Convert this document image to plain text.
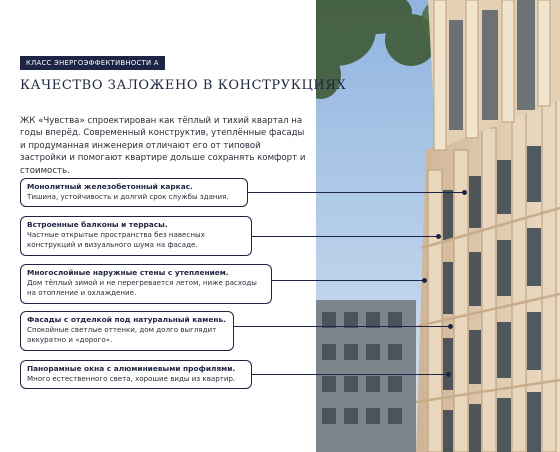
КЛАСС ЭНЕРГОЭФФЕКТИВНОСТИ А
КАЧЕСТВО ЗАЛОЖЕНО В КОНСТРУКЦИЯХ
ЖК «Чувства» спроектирован как тёплый и тихий квартал на годы вперёд. Современный конструктив, утеплённые фасады и продуманная инженерия отличают его от типовой застройки и помогают квартире дольше сохранять комфорт и стоимость.
Монолитный железобетонный каркас.
Тишина, устойчивость и долгий срок службы здания.
Встроенные балконы и террасы.
Частные открытые пространства без навесных конструкций и визуального шума на фасаде.
Многослойные наружные стены с утеплением.
Дом тёплый зимой и не перегревается летом, ниже расходы на отопление и охлаждение.
Фасады с отделкой под натуральный камень.
Спокойные светлые оттенки, дом долго выглядит аккуратно и «дорого».
Панорамные окна с алюминиевыми профилями.
Много естественного света, хорошие виды из квартир.
